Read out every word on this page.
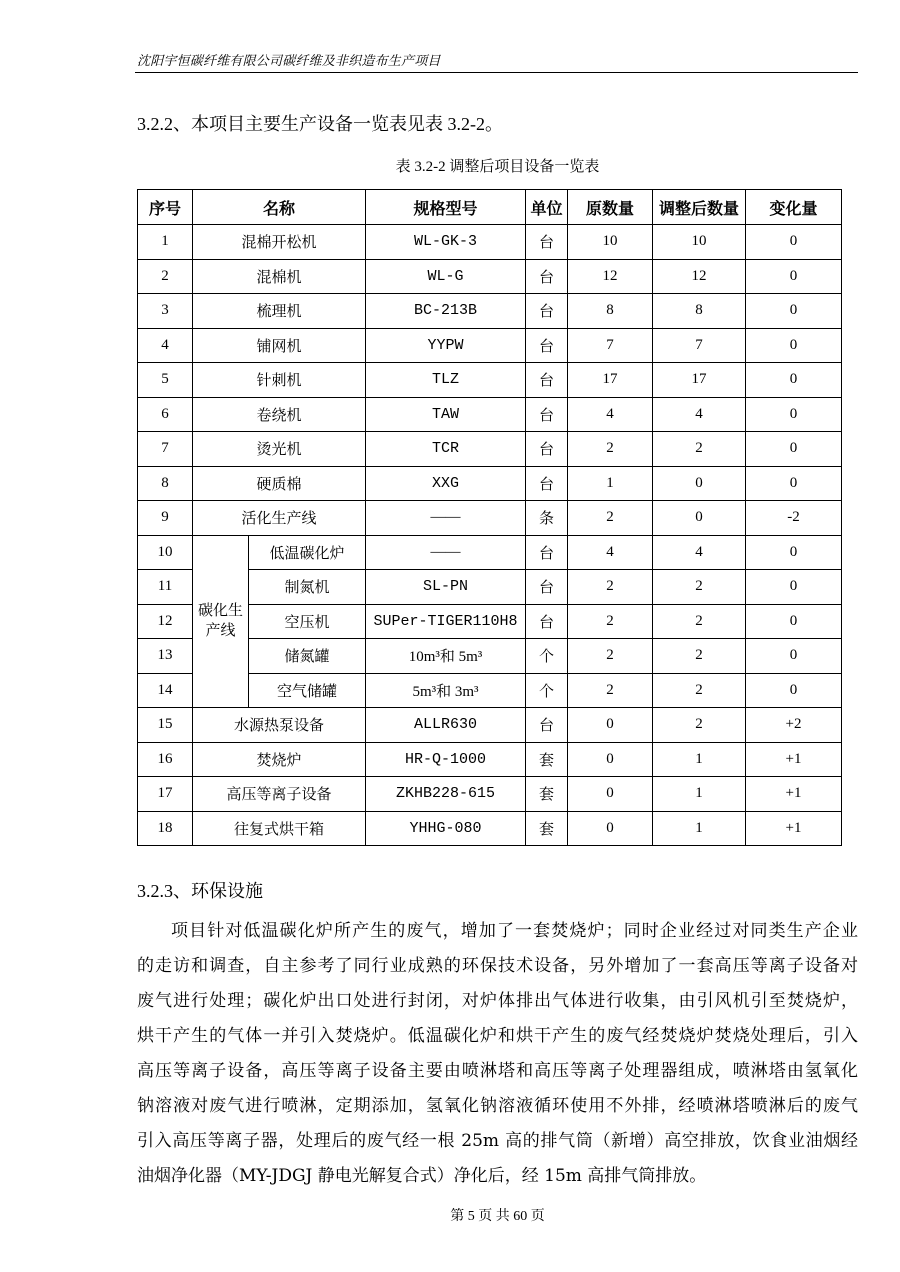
沈阳宇恒碳纤维有限公司碳纤维及非织造布生产项目
3.2.2、本项目主要生产设备一览表见表 3.2-2。
表 3.2-2 调整后项目设备一览表
序号	名称		规格型号	单位	原数量	调整后数量	变化量
1	混棉开松机		WL-GK-3	台	10	10	0
2	混棉机		WL-G	台	12	12	0
3	梳理机		BC-213B	台	8	8	0
4	铺网机		YYPW	台	7	7	0
5	针刺机		TLZ	台	17	17	0
6	卷绕机		TAW	台	4	4	0
7	烫光机		TCR	台	2	2	0
8	硬质棉		XXG	台	1	0	0
9	活化生产线		——	条	2	0	-2
10	碳化生产线	低温碳化炉	——	台	4	4	0
11		制氮机	SL-PN	台	2	2	0
12		空压机	SUPer-TIGER110H8	台	2	2	0
13		储氮罐	10m³和 5m³	个	2	2	0
14		空气储罐	5m³和 3m³	个	2	2	0
15	水源热泵设备		ALLR630	台	0	2	+2
16	焚烧炉		HR-Q-1000	套	0	1	+1
17	高压等离子设备		ZKHB228-615	套	0	1	+1
18	往复式烘干箱		YHHG-080	套	0	1	+1
3.2.3、环保设施
项目针对低温碳化炉所产生的废气，增加了一套焚烧炉；同时企业经过对同类生产企业
的走访和调查，自主参考了同行业成熟的环保技术设备，另外增加了一套高压等离子设备对
废气进行处理；碳化炉出口处进行封闭，对炉体排出气体进行收集，由引风机引至焚烧炉，
烘干产生的气体一并引入焚烧炉。低温碳化炉和烘干产生的废气经焚烧炉焚烧处理后，引入
高压等离子设备，高压等离子设备主要由喷淋塔和高压等离子处理器组成，喷淋塔由氢氧化
钠溶液对废气进行喷淋，定期添加，氢氧化钠溶液循环使用不外排，经喷淋塔喷淋后的废气
引入高压等离子器，处理后的废气经一根 25m 高的排气筒（新增）高空排放，饮食业油烟经
油烟净化器（MY-JDGJ 静电光解复合式）净化后，经 15m 高排气筒排放。
第 5 页 共 60 页
